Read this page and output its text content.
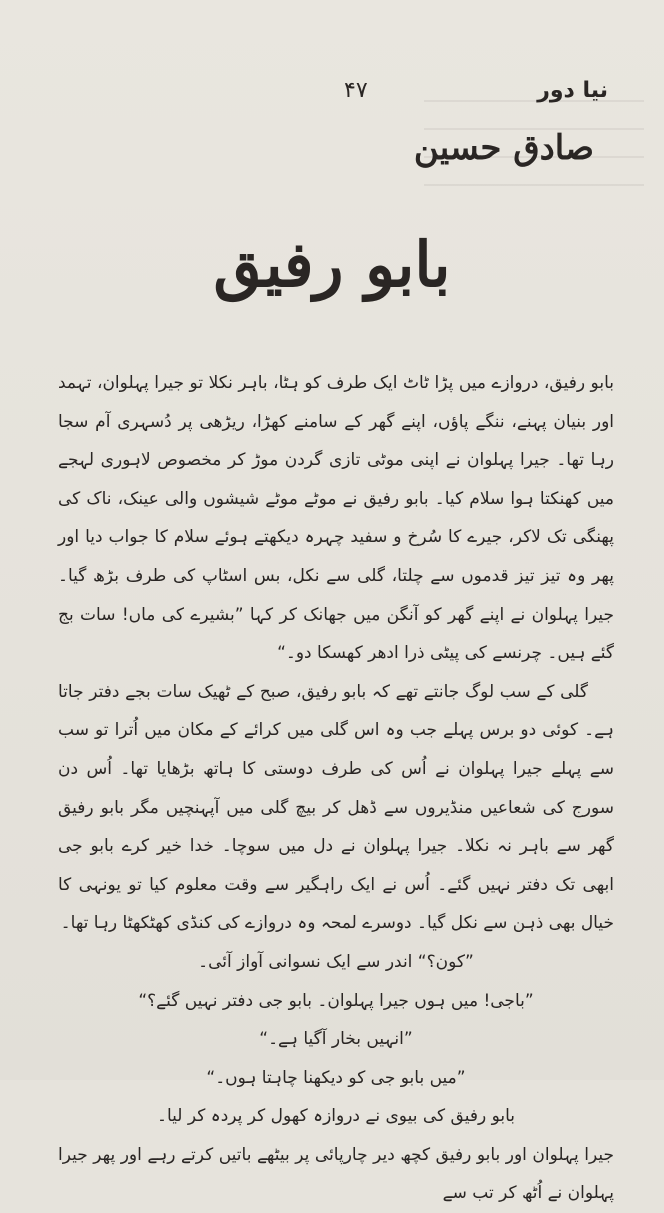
۴۷	نیا دور
صادق حسین
بابو رفیق

بابو رفیق، دروازے میں پڑا ٹاٹ ایک طرف کو ہٹا، باہر نکلا تو جیرا پہلوان، تہمد اور بنیان پہنے، ننگے پاؤں، اپنے گھر کے سامنے کھڑا، ریڑھی پر دُسہری آم سجا رہا تھا۔ جیرا پہلوان نے اپنی موٹی تازی گردن موڑ کر مخصوص لاہوری لہجے میں کھنکتا ہوا سلام کیا۔ بابو رفیق نے موٹے موٹے شیشوں والی عینک، ناک کی پھنگی تک لاکر، جیرے کا سُرخ و سفید چہرہ دیکھتے ہوئے سلام کا جواب دیا اور پھر وہ تیز تیز قدموں سے چلتا، گلی سے نکل، بس اسٹاپ کی طرف بڑھ گیا۔ جیرا پہلوان نے اپنے گھر کو آنگن میں جھانک کر کہا ”بشیرے کی ماں! سات بج گئے ہیں۔ چرنسے کی پیٹی ذرا ادھر کھسکا دو۔“

گلی کے سب لوگ جانتے تھے کہ بابو رفیق، صبح کے ٹھیک سات بجے دفتر جاتا ہے۔ کوئی دو برس پہلے جب وہ اس گلی میں کرائے کے مکان میں اُترا تو سب سے پہلے جیرا پہلوان نے اُس کی طرف دوستی کا ہاتھ بڑھایا تھا۔ اُس دن سورج کی شعاعیں منڈیروں سے ڈھل کر بیچ گلی میں آپہنچیں مگر بابو رفیق گھر سے باہر نہ نکلا۔ جیرا پہلوان نے دل میں سوچا۔ خدا خیر کرے بابو جی ابھی تک دفتر نہیں گئے۔ اُس نے ایک راہگیر سے وقت معلوم کیا تو یونہی کا خیال بھی ذہن سے نکل گیا۔ دوسرے لمحہ وہ دروازے کی کنڈی کھٹکھٹا رہا تھا۔

”کون؟“ اندر سے ایک نسوانی آواز آئی۔

”باجی! میں ہوں جیرا پہلوان۔ بابو جی دفتر نہیں گئے؟“

”انہیں بخار آگیا ہے۔“

”میں بابو جی کو دیکھنا چاہتا ہوں۔“

بابو رفیق کی بیوی نے دروازہ کھول کر پردہ کر لیا۔

جیرا پہلوان اور بابو رفیق کچھ دیر چارپائی پر بیٹھے باتیں کرتے رہے اور پھر جیرا پہلوان نے اُٹھ کر تب سے
